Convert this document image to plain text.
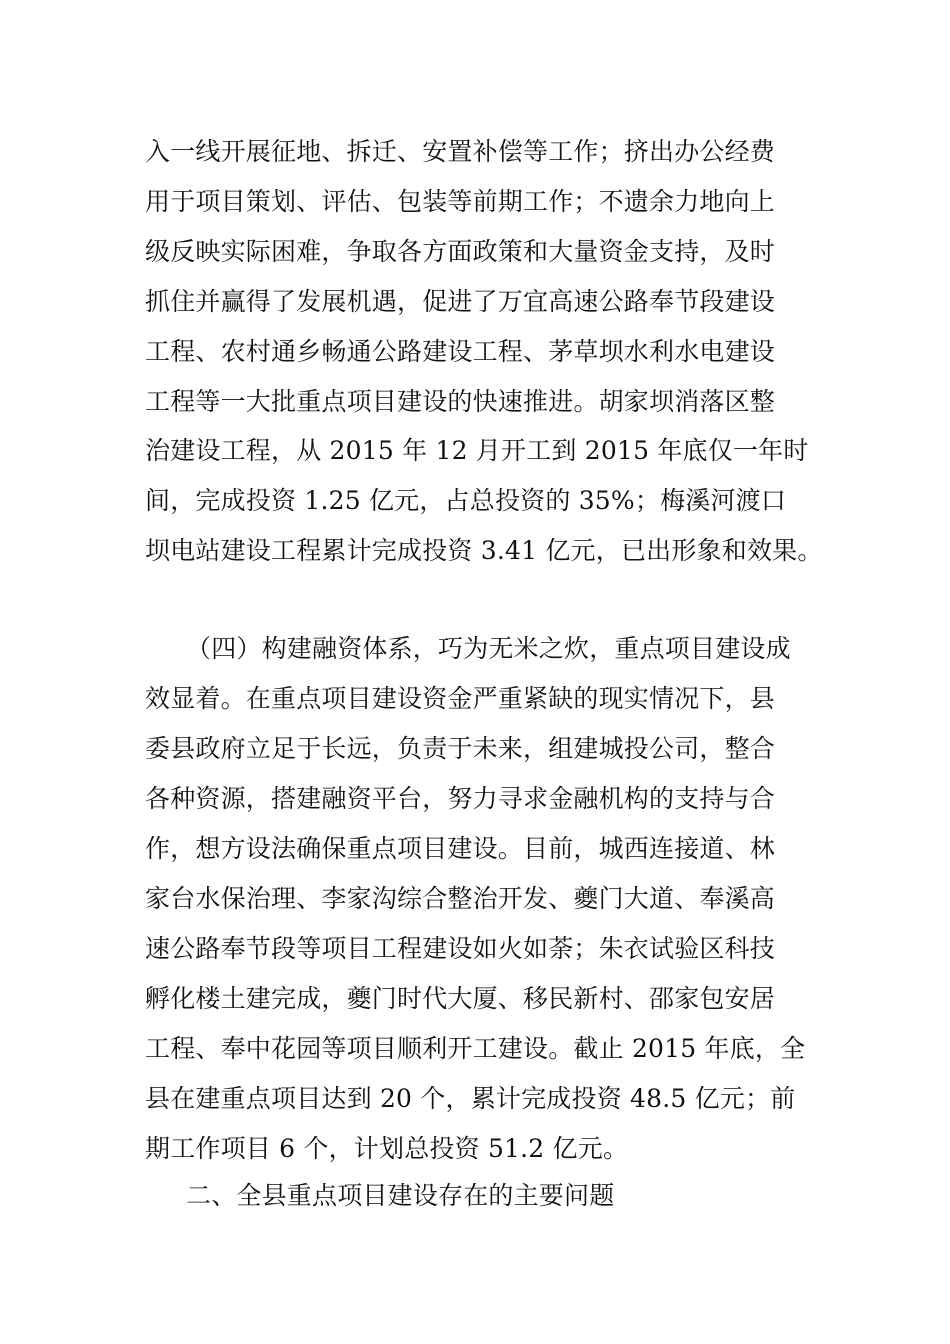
入一线开展征地、拆迁、安置补偿等工作；挤出办公经费
用于项目策划、评估、包装等前期工作；不遗余力地向上
级反映实际困难，争取各方面政策和大量资金支持，及时
抓住并赢得了发展机遇，促进了万宜高速公路奉节段建设
工程、农村通乡畅通公路建设工程、茅草坝水利水电建设
工程等一大批重点项目建设的快速推进。胡家坝消落区整
治建设工程，从 2015 年 12 月开工到 2015 年底仅一年时
间，完成投资 1.25 亿元，占总投资的 35%；梅溪河渡口
坝电站建设工程累计完成投资 3.41 亿元，已出形象和效果。
（四）构建融资体系，巧为无米之炊，重点项目建设成
效显着。在重点项目建设资金严重紧缺的现实情况下，县
委县政府立足于长远，负责于未来，组建城投公司，整合
各种资源，搭建融资平台，努力寻求金融机构的支持与合
作，想方设法确保重点项目建设。目前，城西连接道、林
家台水保治理、李家沟综合整治开发、夔门大道、奉溪高
速公路奉节段等项目工程建设如火如荼；朱衣试验区科技
孵化楼土建完成，夔门时代大厦、移民新村、邵家包安居
工程、奉中花园等项目顺利开工建设。截止 2015 年底，全
县在建重点项目达到 20 个，累计完成投资 48.5 亿元；前
期工作项目 6 个，计划总投资 51.2 亿元。
二、全县重点项目建设存在的主要问题
